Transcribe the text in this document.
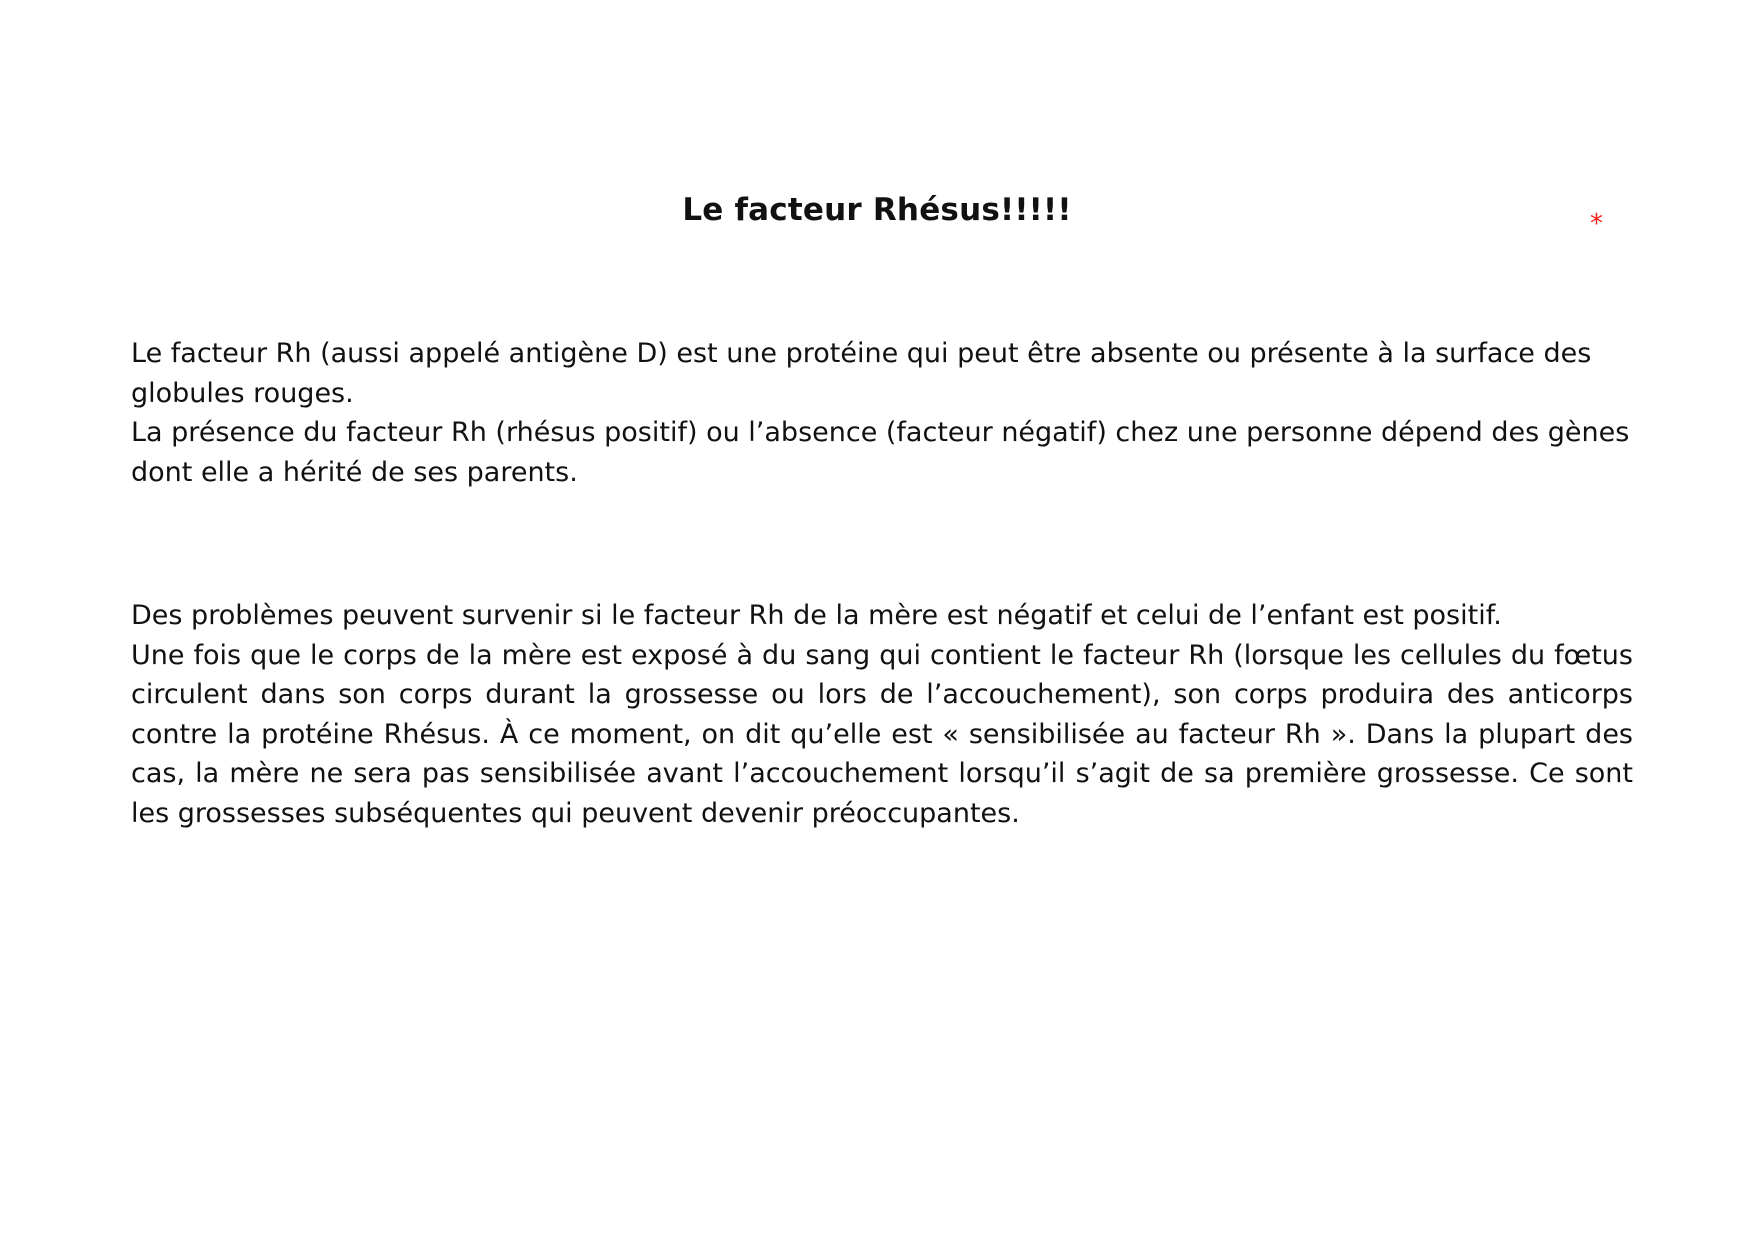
Le facteur Rhésus!!!!!	*

Le facteur Rh (aussi appelé antigène D) est une protéine qui peut être absente ou présente à la surface des globules rouges.

La présence du facteur Rh (rhésus positif) ou l’absence (facteur négatif) chez une personne dépend des gènes dont elle a hérité de ses parents.

Des problèmes peuvent survenir si le facteur Rh de la mère est négatif et celui de l’enfant est positif.

Une fois que le corps de la mère est exposé à du sang qui contient le facteur Rh (lorsque les cellules du fœtus circulent dans son corps durant la grossesse ou lors de l’accouchement), son corps produira des anticorps contre la protéine Rhésus. À ce moment, on dit qu’elle est « sensibilisée au facteur Rh ». Dans la plupart des cas, la mère ne sera pas sensibilisée avant l’accouchement lorsqu’il s’agit de sa première grossesse. Ce sont les grossesses subséquentes qui peuvent devenir préoccupantes.
